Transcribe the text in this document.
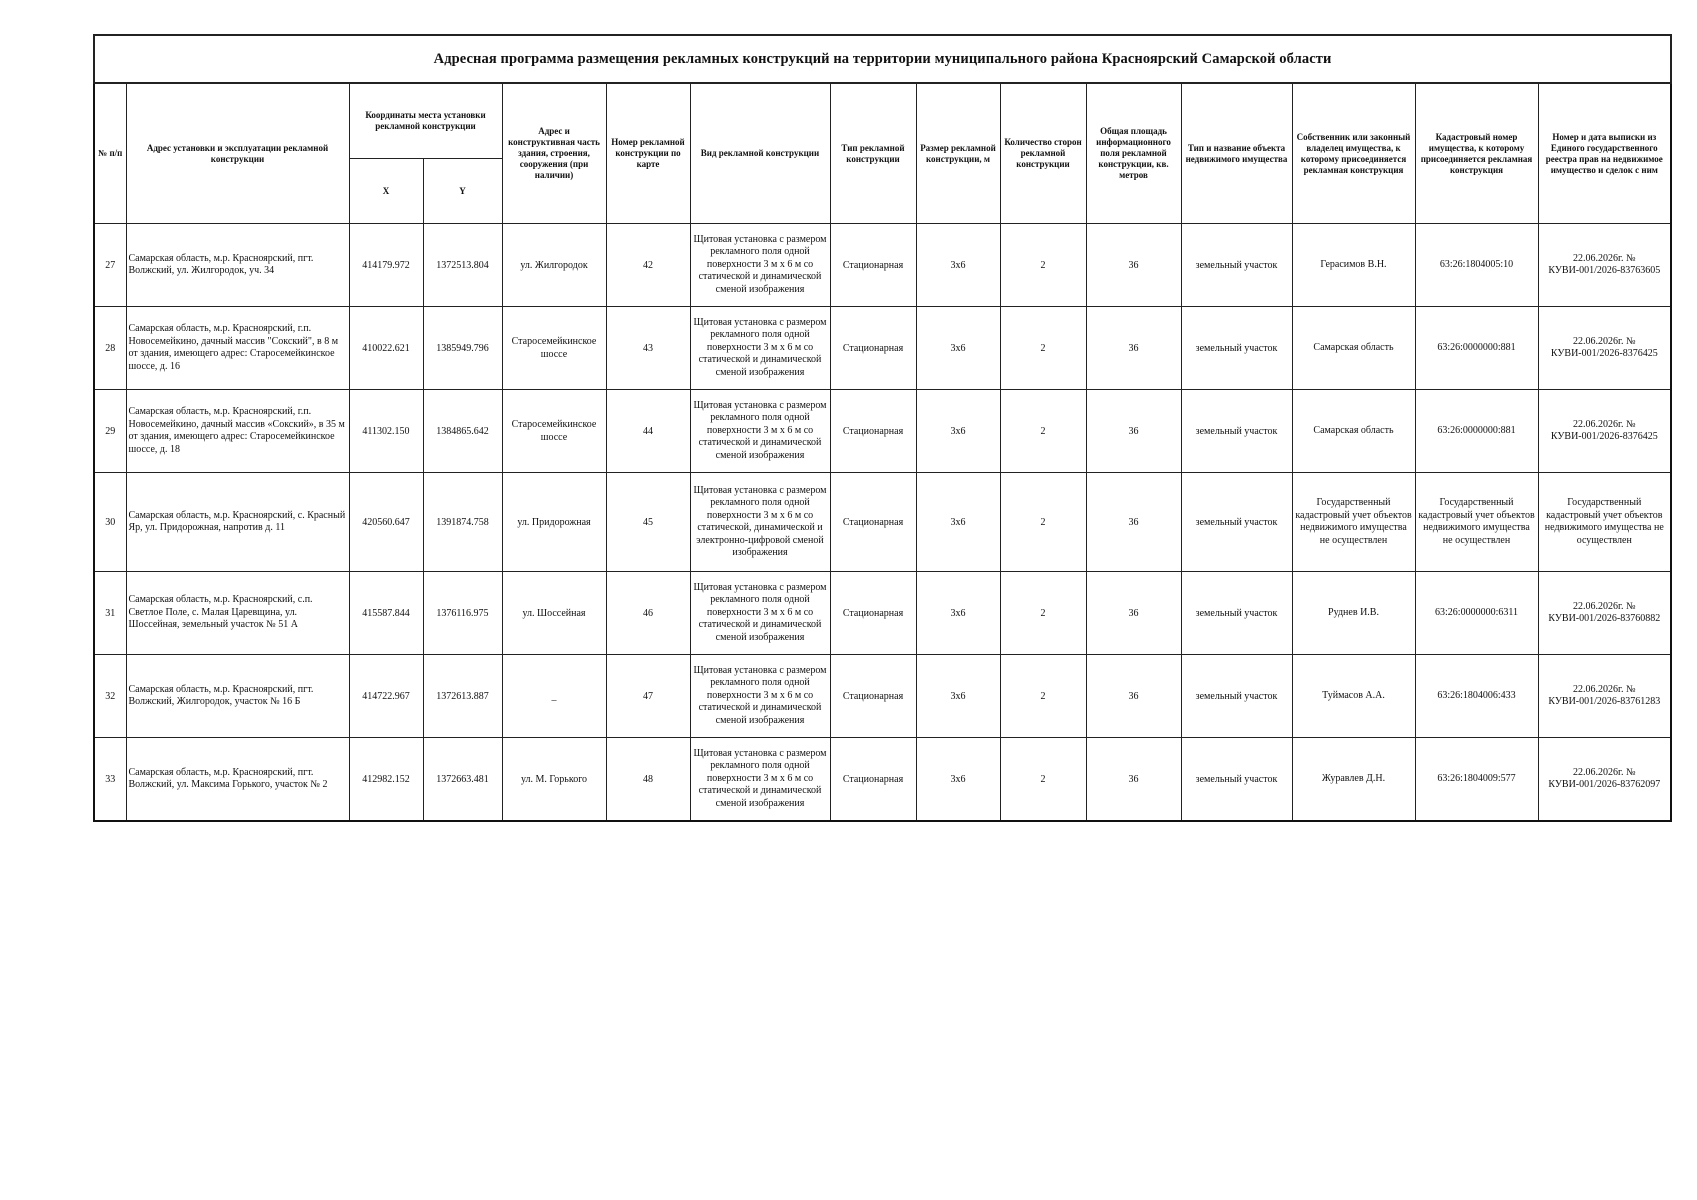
Адресная программа размещения рекламных конструкций на территории муниципального района Красноярский Самарской области														
№ п/п	Адрес установки и эксплуатации рекламной конструкции	Координаты места установки рекламной конструкции		Адрес и конструктивная часть здания, строения, сооружения (при наличии)	Номер рекламной конструкции по карте	Вид рекламной конструкции	Тип рекламной конструкции	Размер рекламной конструкции, м	Количество сторон рекламной конструкции	Общая площадь информационного поля рекламной конструкции, кв. метров	Тип и название объекта недвижимого имущества	Собственник или законный владелец имущества, к которому присоединяется рекламная конструкция	Кадастровый номер имущества, к которому присоединяется рекламная конструкция	Номер и дата выписки из Единого государственного реестра прав на недвижимое имущество и сделок с ним
		X	Y											
27	Самарская область, м.р. Красноярский, пгт. Волжский, ул. Жилгородок, уч. 34	414179.972	1372513.804	ул. Жилгородок	42	Щитовая установка с размером рекламного поля одной поверхности 3 м х 6 м со статической и динамической сменой изображения	Стационарная	3х6	2	36	земельный участок	Герасимов В.Н.	63:26:1804005:10	22.06.2026г. № КУВИ-001/2026-83763605
28	Самарская область, м.р. Красноярский, г.п. Новосемейкино, дачный массив "Сокский", в 8 м от здания, имеющего адрес: Старосемейкинское шоссе, д. 16	410022.621	1385949.796	Старосемейкинское шоссе	43	Щитовая установка с размером рекламного поля одной поверхности 3 м х 6 м со статической и динамической сменой изображения	Стационарная	3х6	2	36	земельный участок	Самарская область	63:26:0000000:881	22.06.2026г. № КУВИ-001/2026-8376425
29	Самарская область, м.р. Красноярский, г.п. Новосемейкино, дачный массив «Сокский», в 35 м от здания, имеющего адрес: Старосемейкинское шоссе, д. 18	411302.150	1384865.642	Старосемейкинское шоссе	44	Щитовая установка с размером рекламного поля одной поверхности 3 м х 6 м со статической и динамической сменой изображения	Стационарная	3х6	2	36	земельный участок	Самарская область	63:26:0000000:881	22.06.2026г. № КУВИ-001/2026-8376425
30	Самарская область, м.р. Красноярский, с. Красный Яр, ул. Придорожная, напротив д. 11	420560.647	1391874.758	ул. Придорожная	45	Щитовая установка с размером рекламного поля одной поверхности 3 м х 6 м со статической, динамической и электронно-цифровой сменой изображения	Стационарная	3х6	2	36	земельный участок	Государственный кадастровый учет объектов недвижимого имущества не осуществлен	Государственный кадастровый учет объектов недвижимого имущества не осуществлен	Государственный кадастровый учет объектов недвижимого имущества не осуществлен
31	Самарская область, м.р. Красноярский, с.п. Светлое Поле, с. Малая Царевщина, ул. Шоссейная, земельный участок № 51 А	415587.844	1376116.975	ул. Шоссейная	46	Щитовая установка с размером рекламного поля одной поверхности 3 м х 6 м со статической и динамической сменой изображения	Стационарная	3х6	2	36	земельный участок	Руднев И.В.	63:26:0000000:6311	22.06.2026г. № КУВИ-001/2026-83760882
32	Самарская область, м.р. Красноярский, пгт. Волжский, Жилгородок, участок № 16 Б	414722.967	1372613.887	_	47	Щитовая установка с размером рекламного поля одной поверхности 3 м х 6 м со статической и динамической сменой изображения	Стационарная	3х6	2	36	земельный участок	Туймасов А.А.	63:26:1804006:433	22.06.2026г. № КУВИ-001/2026-83761283
33	Самарская область, м.р. Красноярский, пгт. Волжский, ул. Максима Горького, участок № 2	412982.152	1372663.481	ул. М. Горького	48	Щитовая установка с размером рекламного поля одной поверхности 3 м х 6 м со статической и динамической сменой изображения	Стационарная	3х6	2	36	земельный участок	Журавлев Д.Н.	63:26:1804009:577	22.06.2026г. № КУВИ-001/2026-83762097
